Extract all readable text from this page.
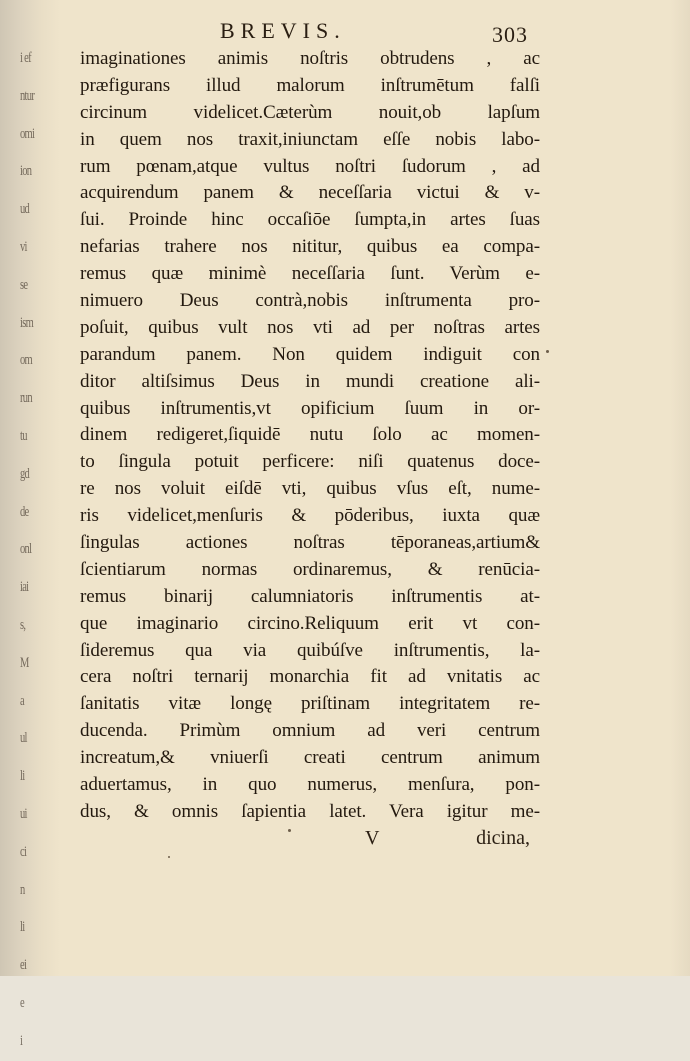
i ef
ntur
omi
ion
ud
vi
se
ism
om
run
tu
gd
de
onl
iai
s,
M
a
ul
li
ui
ci
n
li
ei
e
i
BREVIS.	303
imaginationes animis noſtris obtrudens , ac
præfigurans illud malorum inſtrumētum falſi
circinum videlicet.Cæterùm nouit,ob lapſum
in quem nos traxit,iniunctam eſſe nobis labo-
rum pœnam,atque vultus noſtri ſudorum , ad
acquirendum panem & neceſſaria victui & v-
ſui. Proinde hinc occaſiōe ſumpta,in artes ſuas
nefarias trahere nos nititur, quibus ea compa-
remus quæ minimè neceſſaria ſunt. Verùm e-
nimuero Deus contrà,nobis inſtrumenta pro-
poſuit, quibus vult nos vti ad per noſtras artes
parandum panem. Non quidem indiguit con
ditor altiſsimus Deus in mundi creatione ali-
quibus inſtrumentis,vt opificium ſuum in or-
dinem redigeret,ſiquidē nutu ſolo ac momen-
to ſingula potuit perficere: niſi quatenus doce-
re nos voluit eiſdē vti, quibus vſus eſt, nume-
ris videlicet,menſuris & pōderibus, iuxta quæ
ſingulas actiones noſtras tēporaneas,artium&
ſcientiarum normas ordinaremus, & renūcia-
remus binarij calumniatoris inſtrumentis at-
que imaginario circino.Reliquum erit vt con-
ſideremus qua via quibúſve inſtrumentis, la-
cera noſtri ternarij monarchia fit ad vnitatis ac
ſanitatis vitæ longę priſtinam integritatem re-
ducenda. Primùm omnium ad veri centrum
increatum,& vniuerſi creati centrum animum
aduertamus, in quo numerus, menſura, pon-
dus, & omnis ſapientia latet. Vera igitur me-
V	dicina,
